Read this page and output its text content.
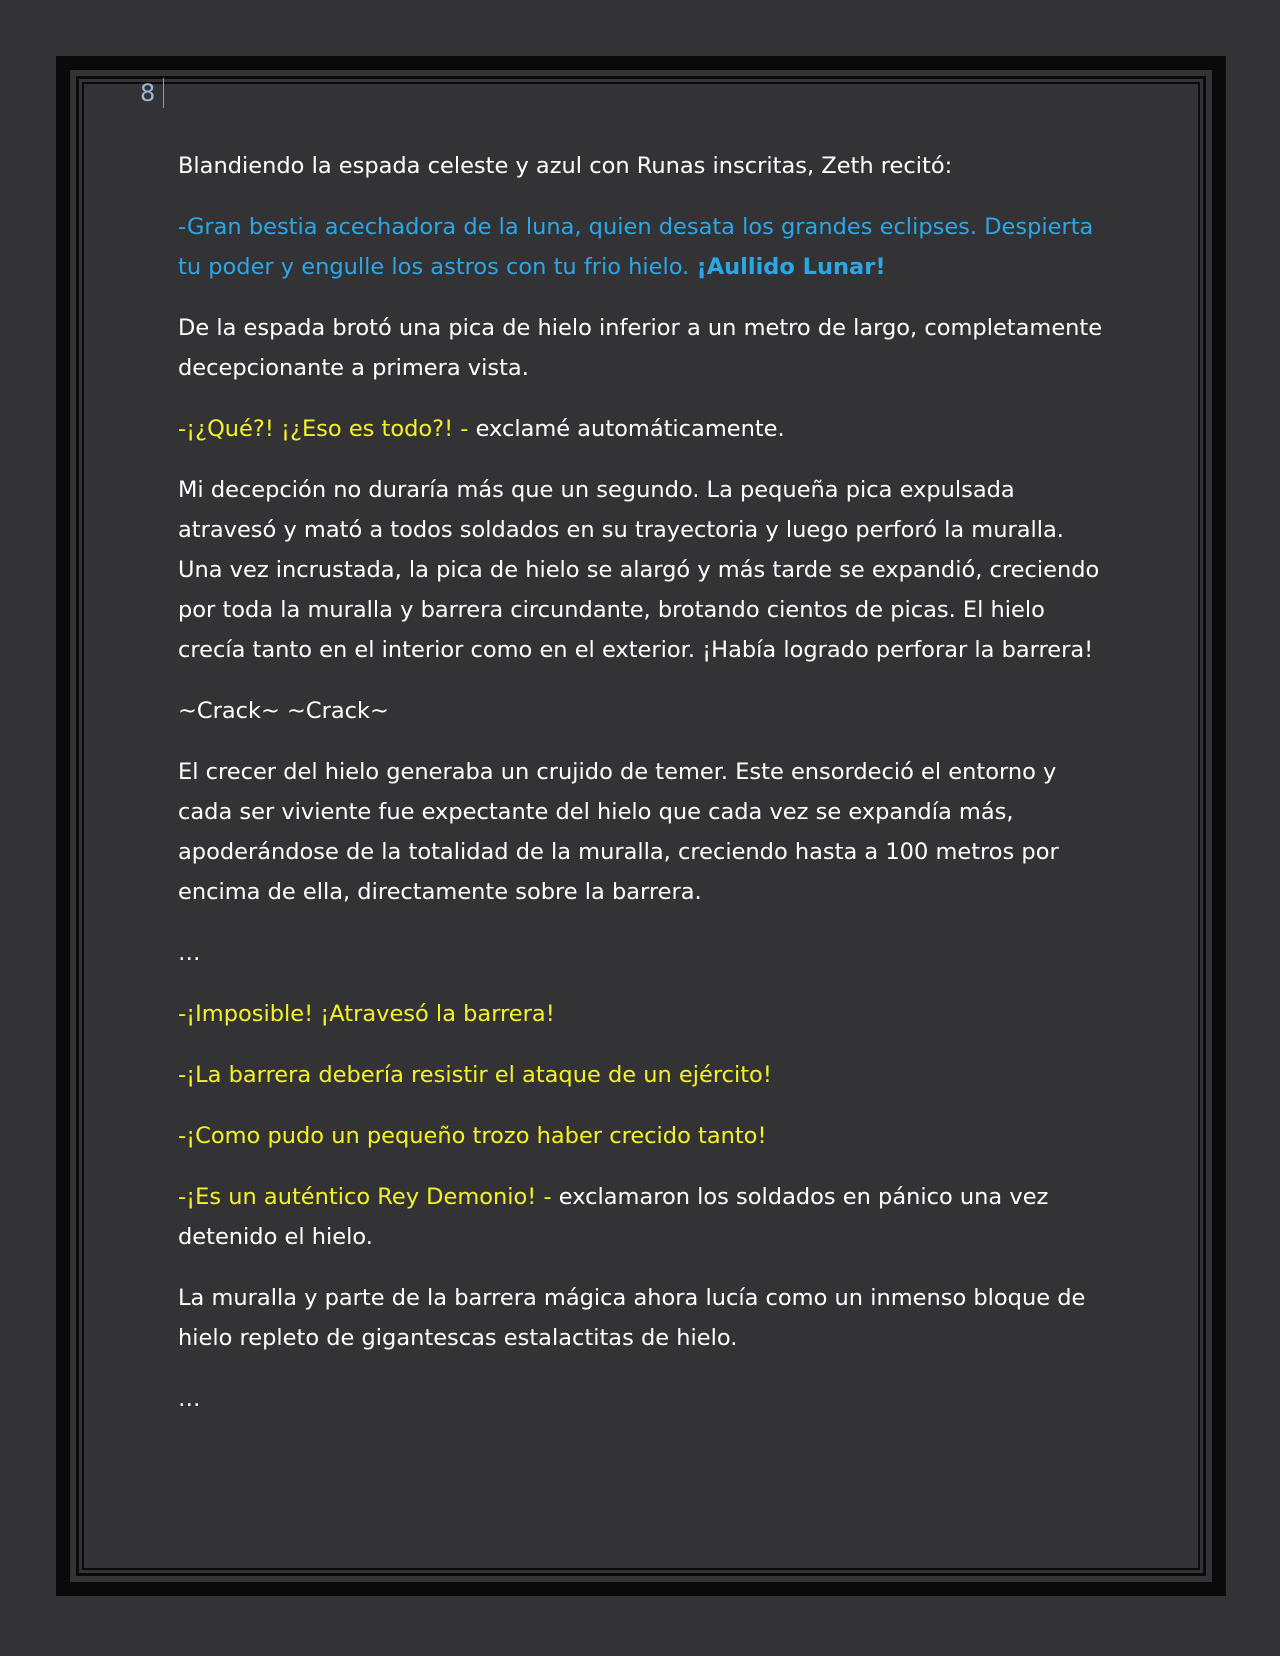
8

Blandiendo la espada celeste y azul con Runas inscritas, Zeth recitó:

-Gran bestia acechadora de la luna, quien desata los grandes eclipses. Despierta tu poder y engulle los astros con tu frio hielo. ¡Aullido Lunar!

De la espada brotó una pica de hielo inferior a un metro de largo, completamente decepcionante a primera vista.

-¡¿Qué?! ¡¿Eso es todo?! - exclamé automáticamente.

Mi decepción no duraría más que un segundo. La pequeña pica expulsada atravesó y mató a todos soldados en su trayectoria y luego perforó la muralla. Una vez incrustada, la pica de hielo se alargó y más tarde se expandió, creciendo por toda la muralla y barrera circundante, brotando cientos de picas. El hielo crecía tanto en el interior como en el exterior. ¡Había logrado perforar la barrera!

~Crack~ ~Crack~

El crecer del hielo generaba un crujido de temer. Este ensordeció el entorno y cada ser viviente fue expectante del hielo que cada vez se expandía más, apoderándose de la totalidad de la muralla, creciendo hasta a 100 metros por encima de ella, directamente sobre la barrera.

…

-¡Imposible! ¡Atravesó la barrera!

-¡La barrera debería resistir el ataque de un ejército!

-¡Como pudo un pequeño trozo haber crecido tanto!

-¡Es un auténtico Rey Demonio! - exclamaron los soldados en pánico una vez detenido el hielo.

La muralla y parte de la barrera mágica ahora lucía como un inmenso bloque de hielo repleto de gigantescas estalactitas de hielo.

…
